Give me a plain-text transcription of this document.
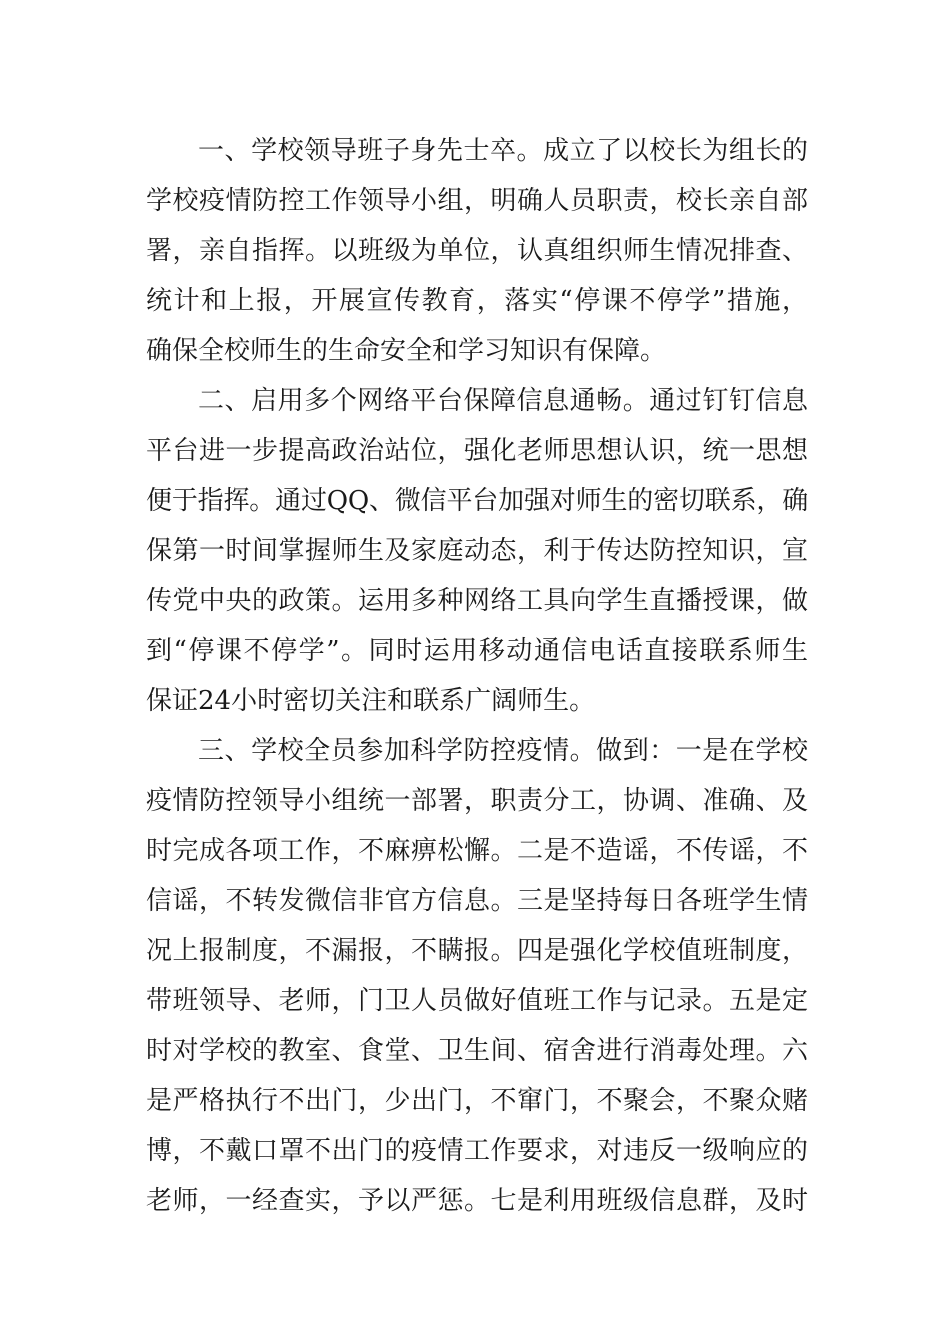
一、学校领导班子身先士卒。成立了以校长为组长的
学校疫情防控工作领导小组，明确人员职责，校长亲自部
署，亲自指挥。以班级为单位，认真组织师生情况排查、
统计和上报，开展宣传教育，落实“停课不停学”措施，
确保全校师生的生命安全和学习知识有保障。
二、启用多个网络平台保障信息通畅。通过钉钉信息
平台进一步提高政治站位，强化老师思想认识，统一思想
便于指挥。通过QQ、微信平台加强对师生的密切联系，确
保第一时间掌握师生及家庭动态，利于传达防控知识，宣
传党中央的政策。运用多种网络工具向学生直播授课，做
到“停课不停学”。同时运用移动通信电话直接联系师生
保证24小时密切关注和联系广阔师生。
三、学校全员参加科学防控疫情。做到：一是在学校
疫情防控领导小组统一部署，职责分工，协调、准确、及
时完成各项工作，不麻痹松懈。二是不造谣，不传谣，不
信谣，不转发微信非官方信息。三是坚持每日各班学生情
况上报制度，不漏报，不瞒报。四是强化学校值班制度，
带班领导、老师，门卫人员做好值班工作与记录。五是定
时对学校的教室、食堂、卫生间、宿舍进行消毒处理。六
是严格执行不出门，少出门，不窜门，不聚会，不聚众赌
博，不戴口罩不出门的疫情工作要求，对违反一级响应的
老师，一经查实，予以严惩。七是利用班级信息群，及时
